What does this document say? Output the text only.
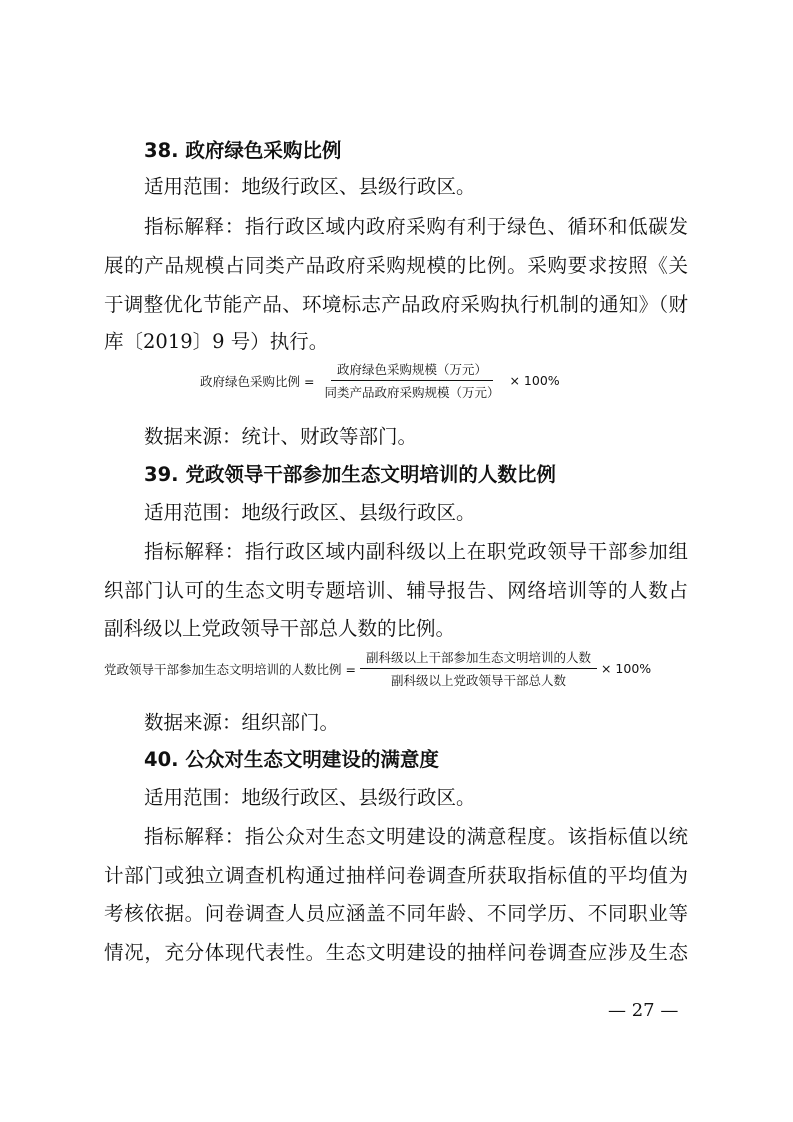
38. 政府绿色采购比例
适用范围：地级行政区、县级行政区。
指标解释：指行政区域内政府采购有利于绿色、循环和低碳发
展的产品规模占同类产品政府采购规模的比例。采购要求按照《关
于调整优化节能产品、环境标志产品政府采购执行机制的通知》（财
库〔2019〕9 号）执行。
政府绿色采购比例 = $\frac{\text{政府绿色采购规模（万元）}}{\text{同类产品政府采购规模（万元）}} \times 100\%$
数据来源：统计、财政等部门。
39. 党政领导干部参加生态文明培训的人数比例
适用范围：地级行政区、县级行政区。
指标解释：指行政区域内副科级以上在职党政领导干部参加组
织部门认可的生态文明专题培训、辅导报告、网络培训等的人数占
副科级以上党政领导干部总人数的比例。
党政领导干部参加生态文明培训的人数比例 = $\frac{\text{副科级以上干部参加生态文明培训的人数}}{\text{副科级以上党政领导干部总人数}} \times 100\%$
数据来源：组织部门。
40. 公众对生态文明建设的满意度
适用范围：地级行政区、县级行政区。
指标解释：指公众对生态文明建设的满意程度。该指标值以统
计部门或独立调查机构通过抽样问卷调查所获取指标值的平均值为
考核依据。问卷调查人员应涵盖不同年龄、不同学历、不同职业等
情况，充分体现代表性。生态文明建设的抽样问卷调查应涉及生态
— 27 —
